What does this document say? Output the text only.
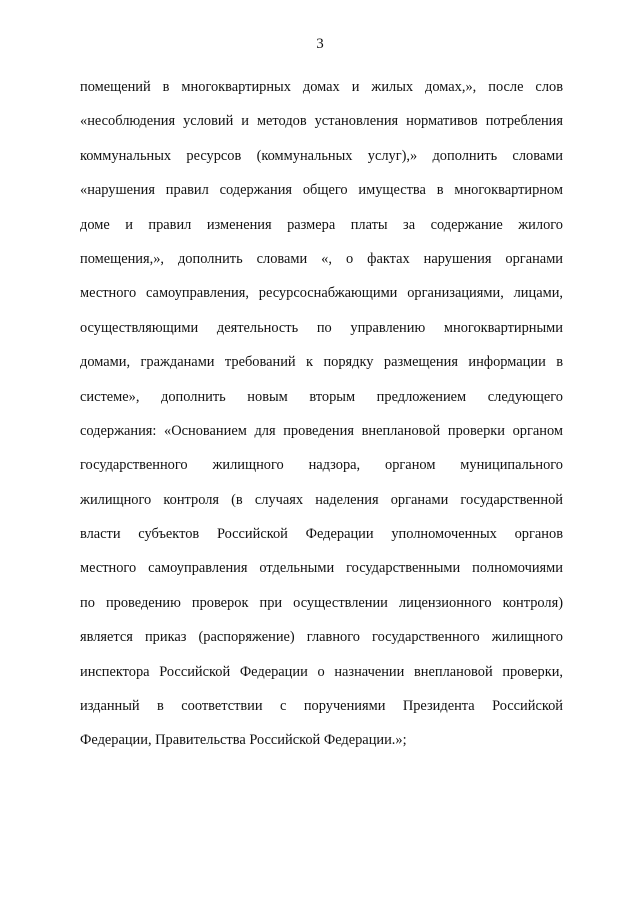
3
помещений в многоквартирных домах и жилых домах,», после слов
«несоблюдения условий и методов установления нормативов потребления
коммунальных ресурсов (коммунальных услуг),» дополнить словами
«нарушения правил содержания общего имущества в многоквартирном
доме и правил изменения размера платы за содержание жилого
помещения,», дополнить словами «, о фактах нарушения органами
местного самоуправления, ресурсоснабжающими организациями, лицами,
осуществляющими деятельность по управлению многоквартирными
домами, гражданами требований к порядку размещения информации в
системе», дополнить новым вторым предложением следующего
содержания: «Основанием для проведения внеплановой проверки органом
государственного жилищного надзора, органом муниципального
жилищного контроля (в случаях наделения органами государственной
власти субъектов Российской Федерации уполномоченных органов
местного самоуправления отдельными государственными полномочиями
по проведению проверок при осуществлении лицензионного контроля)
является приказ (распоряжение) главного государственного жилищного
инспектора Российской Федерации о назначении внеплановой проверки,
изданный в соответствии с поручениями Президента Российской
Федерации, Правительства Российской Федерации.»;
